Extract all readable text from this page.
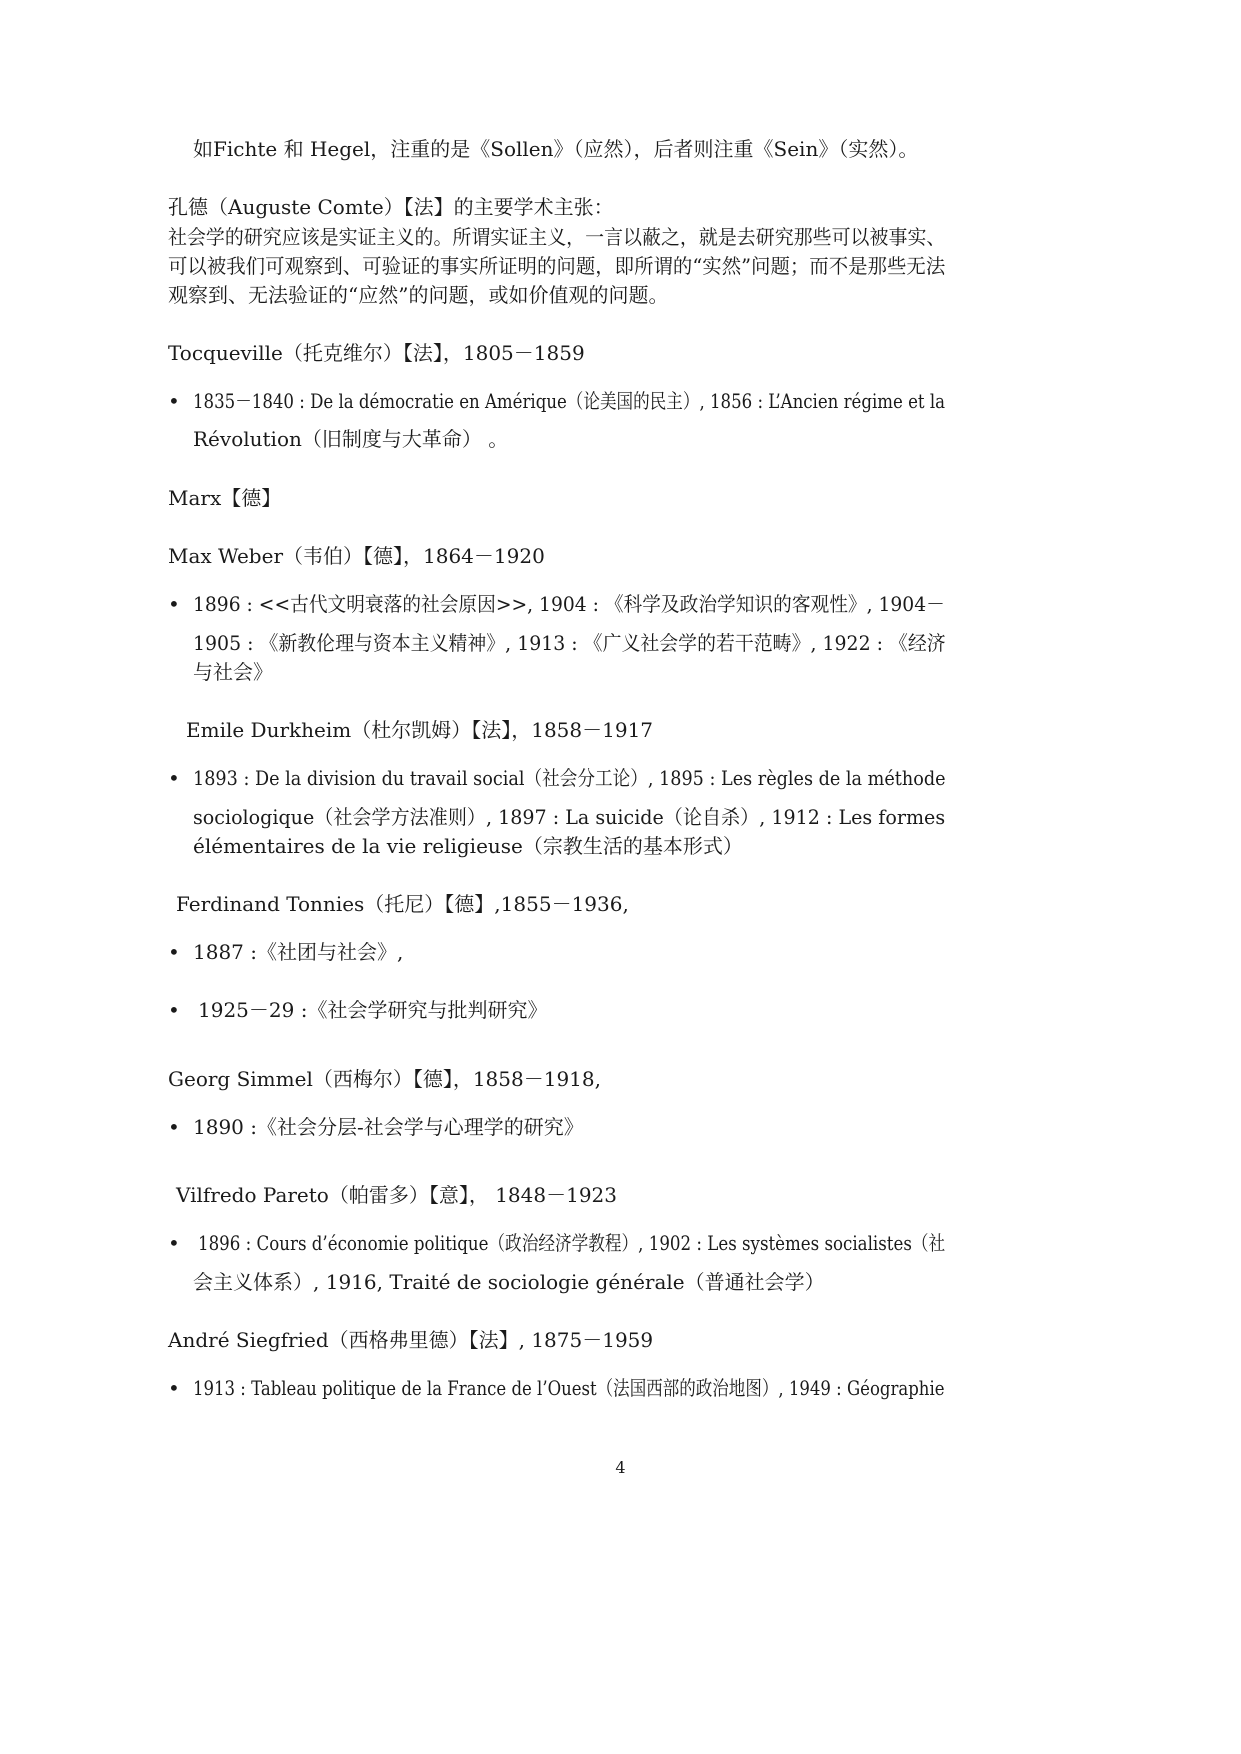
如Fichte 和 Hegel，注重的是《Sollen》（应然），后者则注重《Sein》（实然）。
孔德（Auguste Comte）【法】的主要学术主张：
社会学的研究应该是实证主义的。所谓实证主义，一言以蔽之，就是去研究那些可以被事实、
可以被我们可观察到、可验证的事实所证明的问题，即所谓的“实然”问题；而不是那些无法
观察到、无法验证的“应然”的问题，或如价值观的问题。
Tocqueville（托克维尔）【法】，1805－1859
• 1835－1840 : De la démocratie en Amérique（论美国的民主）, 1856 : L’Ancien régime et la
Révolution（旧制度与大革命） 。
Marx【德】
Max Weber（韦伯）【德】，1864－1920
• 1896 : <<古代文明衰落的社会原因>>, 1904 : 《科学及政治学知识的客观性》, 1904－
1905 : 《新教伦理与资本主义精神》, 1913 : 《广义社会学的若干范畴》, 1922 : 《经济
与社会》
Emile Durkheim（杜尔凯姆）【法】，1858－1917
• 1893 : De la division du travail social（社会分工论）, 1895 : Les règles de la méthode
sociologique（社会学方法准则）, 1897 : La suicide（论自杀）, 1912 : Les formes
élémentaires de la vie religieuse（宗教生活的基本形式）
Ferdinand Tonnies（托尼）【德】,1855－1936,
• 1887 :《社团与社会》,
• 1925－29 :《社会学研究与批判研究》
Georg Simmel（西梅尔）【德】，1858－1918,
• 1890 :《社会分层-社会学与心理学的研究》
Vilfredo Pareto（帕雷多）【意】， 1848－1923
• 1896 : Cours d’économie politique（政治经济学教程）, 1902 : Les systèmes socialistes（社
会主义体系）, 1916, Traité de sociologie générale（普通社会学）
André Siegfried（西格弗里德）【法】, 1875－1959
• 1913 : Tableau politique de la France de l’Ouest（法国西部的政治地图）, 1949 : Géographie
4
